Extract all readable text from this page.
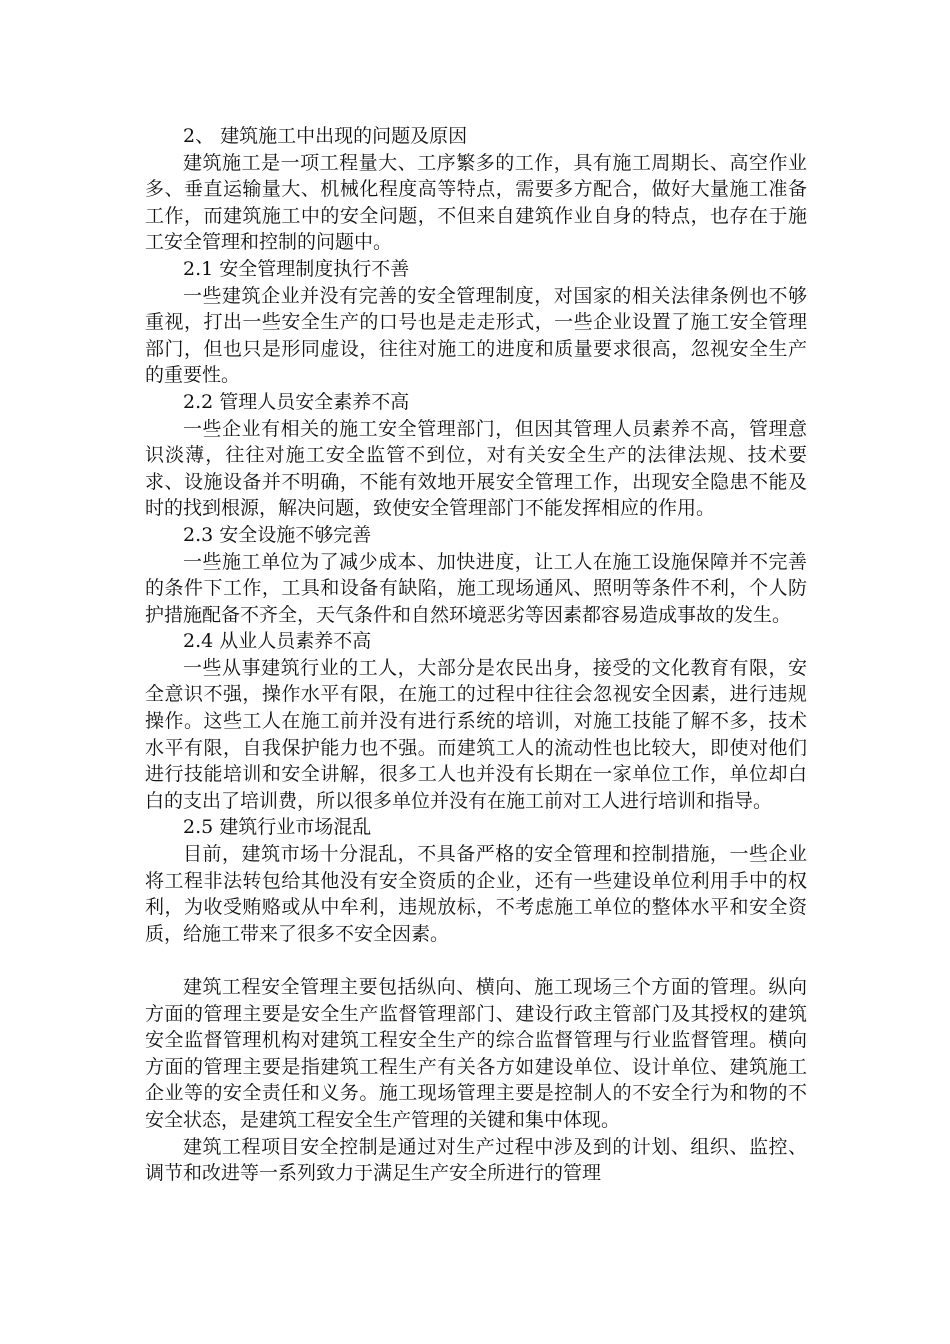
2、 建筑施工中出现的问题及原因

建筑施工是一项工程量大、工序繁多的工作，具有施工周期长、高空作业多、垂直运输量大、机械化程度高等特点，需要多方配合，做好大量施工准备工作，而建筑施工中的安全问题，不但来自建筑作业自身的特点，也存在于施工安全管理和控制的问题中。

2.1 安全管理制度执行不善

一些建筑企业并没有完善的安全管理制度，对国家的相关法律条例也不够重视，打出一些安全生产的口号也是走走形式，一些企业设置了施工安全管理部门，但也只是形同虚设，往往对施工的进度和质量要求很高，忽视安全生产的重要性。

2.2 管理人员安全素养不高

一些企业有相关的施工安全管理部门，但因其管理人员素养不高，管理意识淡薄，往往对施工安全监管不到位，对有关安全生产的法律法规、技术要求、设施设备并不明确，不能有效地开展安全管理工作，出现安全隐患不能及时的找到根源，解决问题，致使安全管理部门不能发挥相应的作用。

2.3 安全设施不够完善

一些施工单位为了减少成本、加快进度，让工人在施工设施保障并不完善的条件下工作，工具和设备有缺陷，施工现场通风、照明等条件不利，个人防护措施配备不齐全，天气条件和自然环境恶劣等因素都容易造成事故的发生。

2.4 从业人员素养不高

一些从事建筑行业的工人，大部分是农民出身，接受的文化教育有限，安全意识不强，操作水平有限，在施工的过程中往往会忽视安全因素，进行违规操作。这些工人在施工前并没有进行系统的培训，对施工技能了解不多，技术水平有限，自我保护能力也不强。而建筑工人的流动性也比较大，即使对他们进行技能培训和安全讲解，很多工人也并没有长期在一家单位工作，单位却白白的支出了培训费，所以很多单位并没有在施工前对工人进行培训和指导。

2.5 建筑行业市场混乱

目前，建筑市场十分混乱，不具备严格的安全管理和控制措施，一些企业将工程非法转包给其他没有安全资质的企业，还有一些建设单位利用手中的权利，为收受贿赂或从中牟利，违规放标，不考虑施工单位的整体水平和安全资质，给施工带来了很多不安全因素。

建筑工程安全管理主要包括纵向、横向、施工现场三个方面的管理。纵向方面的管理主要是安全生产监督管理部门、建设行政主管部门及其授权的建筑安全监督管理机构对建筑工程安全生产的综合监督管理与行业监督管理。横向方面的管理主要是指建筑工程生产有关各方如建设单位、设计单位、建筑施工企业等的安全责任和义务。施工现场管理主要是控制人的不安全行为和物的不安全状态，是建筑工程安全生产管理的关键和集中体现。

建筑工程项目安全控制是通过对生产过程中涉及到的计划、组织、监控、调节和改进等一系列致力于满足生产安全所进行的管理
